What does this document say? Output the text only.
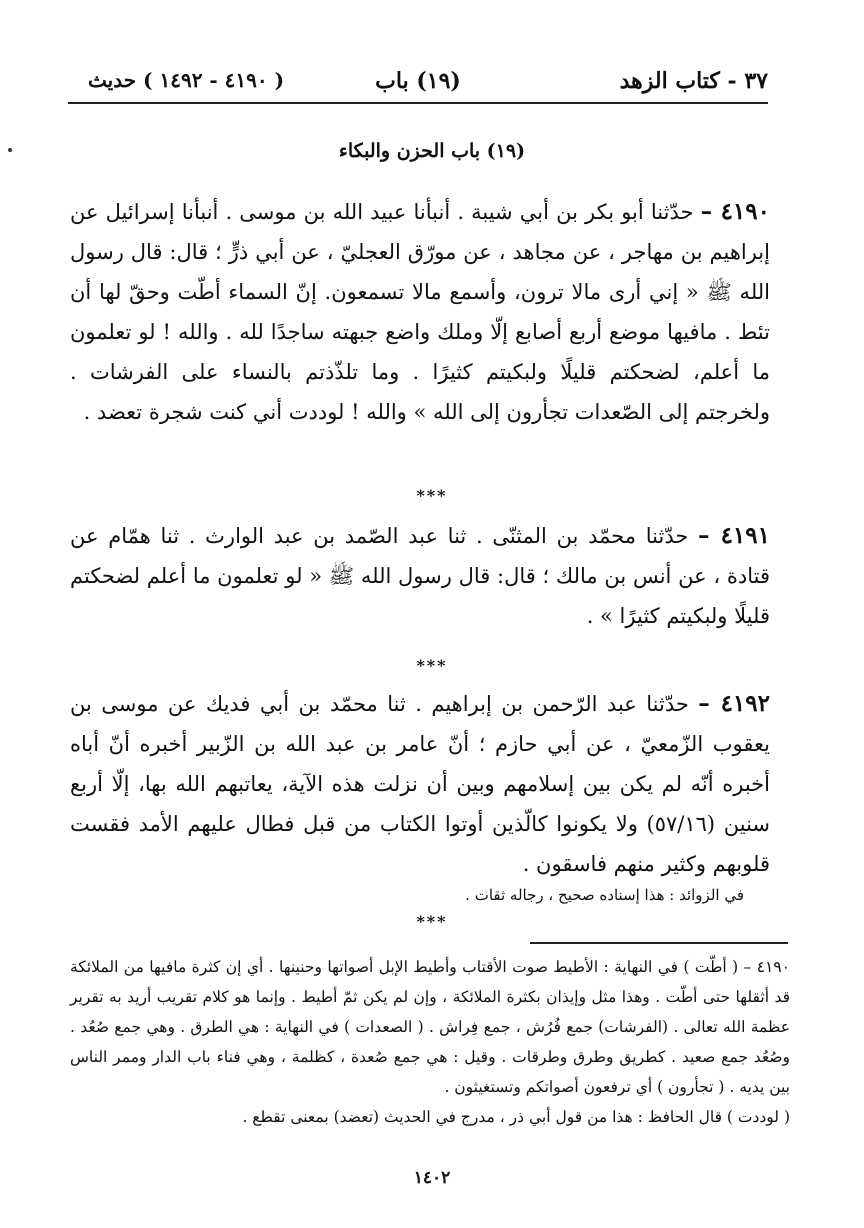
٣٧ - كتاب الزهد
(١٩) باب
( ٤١٩٠ - ١٤٩٢ ) حديث
(١٩) باب الحزن والبكاء

٤١٩٠ – حدّثنا أبو بكر بن أبي شيبة . أنبأنا عبيد الله بن موسى . أنبأنا إسرائيل عن إبراهيم بن مهاجر ، عن مجاهد ، عن مورّق العجليّ ، عن أبي ذرٍّ ؛ قال: قال رسول الله ﷺ « إني أرى مالا ترون، وأسمع مالا تسمعون. إنّ السماء أطّت وحقّ لها أن تئط . مافيها موضع أربع أصابع إلّا وملك واضع جبهته ساجدًا لله . والله ! لو تعلمون ما أعلم، لضحكتم قليلًا ولبكيتم كثيرًا . وما تلذّذتم بالنساء على الفرشات . ولخرجتم إلى الصّعدات تجأرون إلى الله » والله ! لوددت أني كنت شجرة تعضد .

***

٤١٩١ – حدّثنا محمّد بن المثنّى . ثنا عبد الصّمد بن عبد الوارث . ثنا همّام عن قتادة ، عن أنس بن مالك ؛ قال: قال رسول الله ﷺ « لو تعلمون ما أعلم لضحكتم قليلًا ولبكيتم كثيرًا » .

***

٤١٩٢ – حدّثنا عبد الرّحمن بن إبراهيم . ثنا محمّد بن أبي فديك عن موسى بن يعقوب الزّمعيّ ، عن أبي حازم ؛ أنّ عامر بن عبد الله بن الزّبير أخبره أنّ أباه أخبره أنّه لم يكن بين إسلامهم وبين أن نزلت هذه الآية، يعاتبهم الله بها، إلّا أربع سنين (٥٧/١٦) ولا يكونوا كالّذين أوتوا الكتاب من قبل فطال عليهم الأمد فقست قلوبهم وكثير منهم فاسقون .

في الزوائد : هذا إسناده صحيح ، رجاله ثقات .
***

٤١٩٠ – ( أطّت ) في النهاية : الأطيط صوت الأقتاب وأطيط الإبل أصواتها وحنينها . أي إن كثرة مافيها من الملائكة قد أثقلها حتى أطّت . وهذا مثل وإيذان بكثرة الملائكة ، وإن لم يكن ثمّ أطيط . وإنما هو كلام تقريب أريد به تقرير عظمة الله تعالى . (الفرشات) جمع فُرُش ، جمع فِراش . ( الصعدات ) في النهاية : هي الطرق . وهي جمع صُعُد . وصُعُد جمع صعيد . كطريق وطرق وطرقات . وقيل : هي جمع صُعدة ، كظلمة ، وهي فناء باب الدار وممر الناس بين يديه . ( تجأرون ) أي ترفعون أصواتكم وتستغيثون .

( لوددت ) قال الحافظ : هذا من قول أبي ذر ، مدرج في الحديث (تعضد) بمعنى تقطع .

١٤٠٢
